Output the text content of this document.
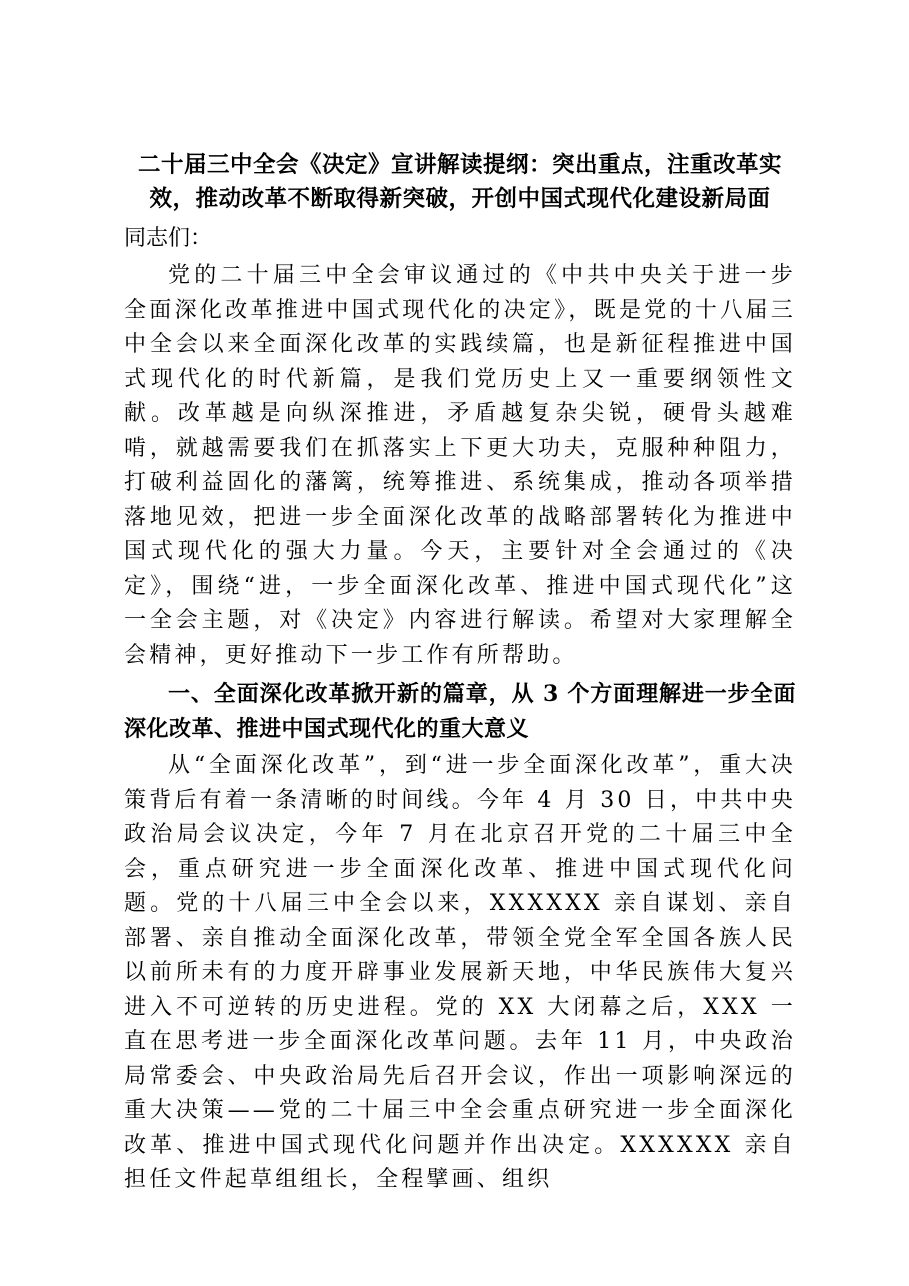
二十届三中全会《决定》宣讲解读提纲：突出重点，注重改革实效，推动改革不断取得新突破，开创中国式现代化建设新局面

同志们：

党的二十届三中全会审议通过的《中共中央关于进一步全面深化改革推进中国式现代化的决定》，既是党的十八届三中全会以来全面深化改革的实践续篇，也是新征程推进中国式现代化的时代新篇，是我们党历史上又一重要纲领性文献。改革越是向纵深推进，矛盾越复杂尖锐，硬骨头越难啃，就越需要我们在抓落实上下更大功夫，克服种种阻力，打破利益固化的藩篱，统筹推进、系统集成，推动各项举措落地见效，把进一步全面深化改革的战略部署转化为推进中国式现代化的强大力量。今天，主要针对全会通过的《决定》，围绕“进，一步全面深化改革、推进中国式现代化”这一全会主题，对《决定》内容进行解读。希望对大家理解全会精神，更好推动下一步工作有所帮助。

一、全面深化改革掀开新的篇章，从 3 个方面理解进一步全面深化改革、推进中国式现代化的重大意义

从“全面深化改革”，到“进一步全面深化改革”，重大决策背后有着一条清晰的时间线。今年 4 月 30 日，中共中央政治局会议决定，今年 7 月在北京召开党的二十届三中全会，重点研究进一步全面深化改革、推进中国式现代化问题。党的十八届三中全会以来，XXXXXX 亲自谋划、亲自部署、亲自推动全面深化改革，带领全党全军全国各族人民以前所未有的力度开辟事业发展新天地，中华民族伟大复兴进入不可逆转的历史进程。党的 XX 大闭幕之后，XXX 一直在思考进一步全面深化改革问题。去年 11 月，中央政治局常委会、中央政治局先后召开会议，作出一项影响深远的重大决策——党的二十届三中全会重点研究进一步全面深化改革、推进中国式现代化问题并作出决定。XXXXXX 亲自担任文件起草组组长，全程擘画、组织
